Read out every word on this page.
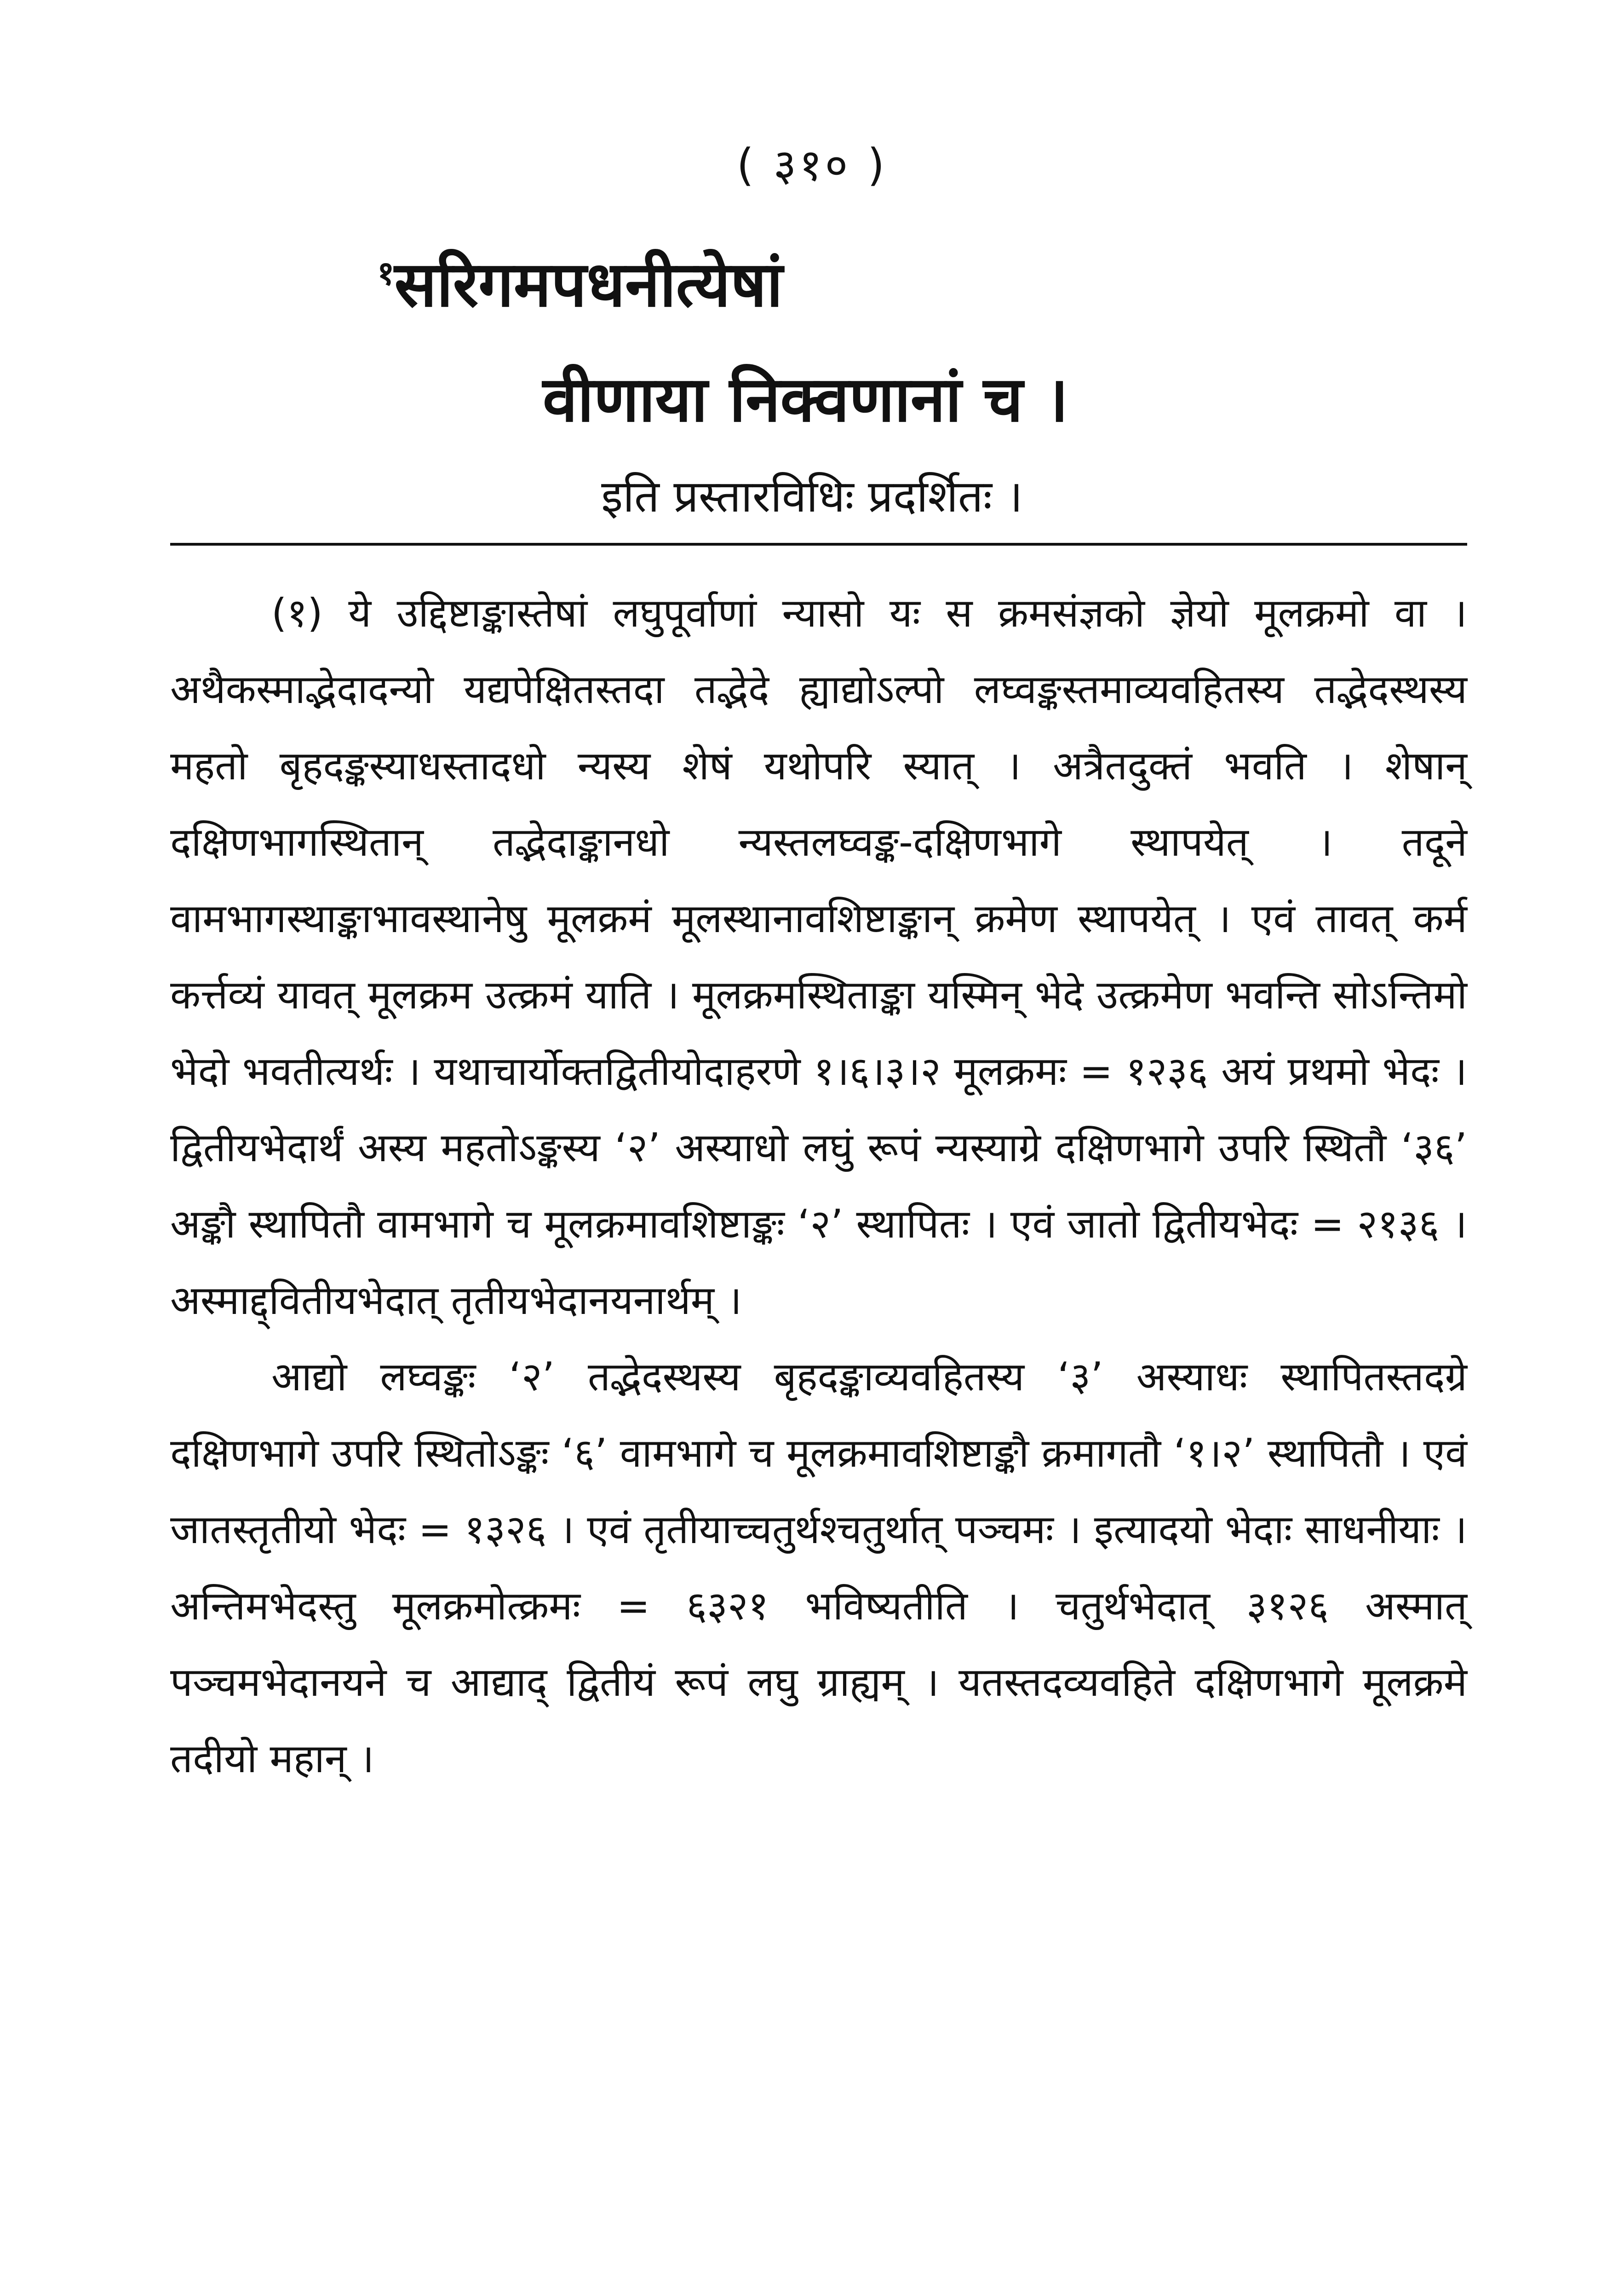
( ३१० )
$^१$सरिगमपधनीत्येषां
वीणाया निक्वणानां च ।
इति प्रस्तारविधिः प्रदर्शितः ।

(१) ये उद्दिष्टाङ्कास्तेषां लघुपूर्वाणां न्यासो यः स क्रमसंज्ञको ज्ञेयो मूलक्रमो वा । अथैकस्माद्भेदादन्यो यद्यपेक्षितस्तदा तद्भेदे ह्याद्योऽल्पो लघ्वङ्कस्तमाव्यवहितस्य तद्भेदस्थस्य महतो बृहदङ्कस्याधस्तादधो न्यस्य शेषं यथोपरि स्यात् । अत्रैतदुक्तं भवति । शेषान् दक्षिणभागस्थितान् तद्भेदाङ्कानधो न्यस्तलघ्वङ्क-दक्षिणभागे स्थापयेत् । तदूने वामभागस्थाङ्काभावस्थानेषु मूलक्रमं मूलस्थानावशिष्टाङ्कान् क्रमेण स्थापयेत् । एवं तावत् कर्म कर्त्तव्यं यावत् मूलक्रम उत्क्रमं याति । मूलक्रमस्थिताङ्का यस्मिन् भेदे उत्क्रमेण भवन्ति सोऽन्तिमो भेदो भवतीत्यर्थः । यथाचार्योक्तद्वितीयोदाहरणे १।६।३।२ मूलक्रमः = १२३६ अयं प्रथमो भेदः । द्वितीयभेदार्थं अस्य महतोऽङ्कस्य ‘२’ अस्याधो लघुं रूपं न्यस्याग्रे दक्षिणभागे उपरि स्थितौ ‘३६’ अङ्कौ स्थापितौ वामभागे च मूलक्रमावशिष्टाङ्कः ‘२’ स्थापितः । एवं जातो द्वितीयभेदः = २१३६ । अस्माद्द्वितीयभेदात् तृतीयभेदानयनार्थम् ।

आद्यो लघ्वङ्कः ‘२’ तद्भेदस्थस्य बृहदङ्काव्यवहितस्य ‘३’ अस्याधः स्थापितस्तदग्रे दक्षिणभागे उपरि स्थितोऽङ्कः ‘६’ वामभागे च मूलक्रमावशिष्टाङ्कौ क्रमागतौ ‘१।२’ स्थापितौ । एवं जातस्तृतीयो भेदः = १३२६ । एवं तृतीयाच्चतुर्थश्चतुर्थात् पञ्चमः । इत्यादयो भेदाः साधनीयाः । अन्तिमभेदस्तु मूलक्रमोत्क्रमः = ६३२१ भविष्यतीति । चतुर्थभेदात् ३१२६ अस्मात् पञ्चमभेदानयने च आद्याद् द्वितीयं रूपं लघु ग्राह्यम् । यतस्तदव्यवहिते दक्षिणभागे मूलक्रमे तदीयो महान् ।
